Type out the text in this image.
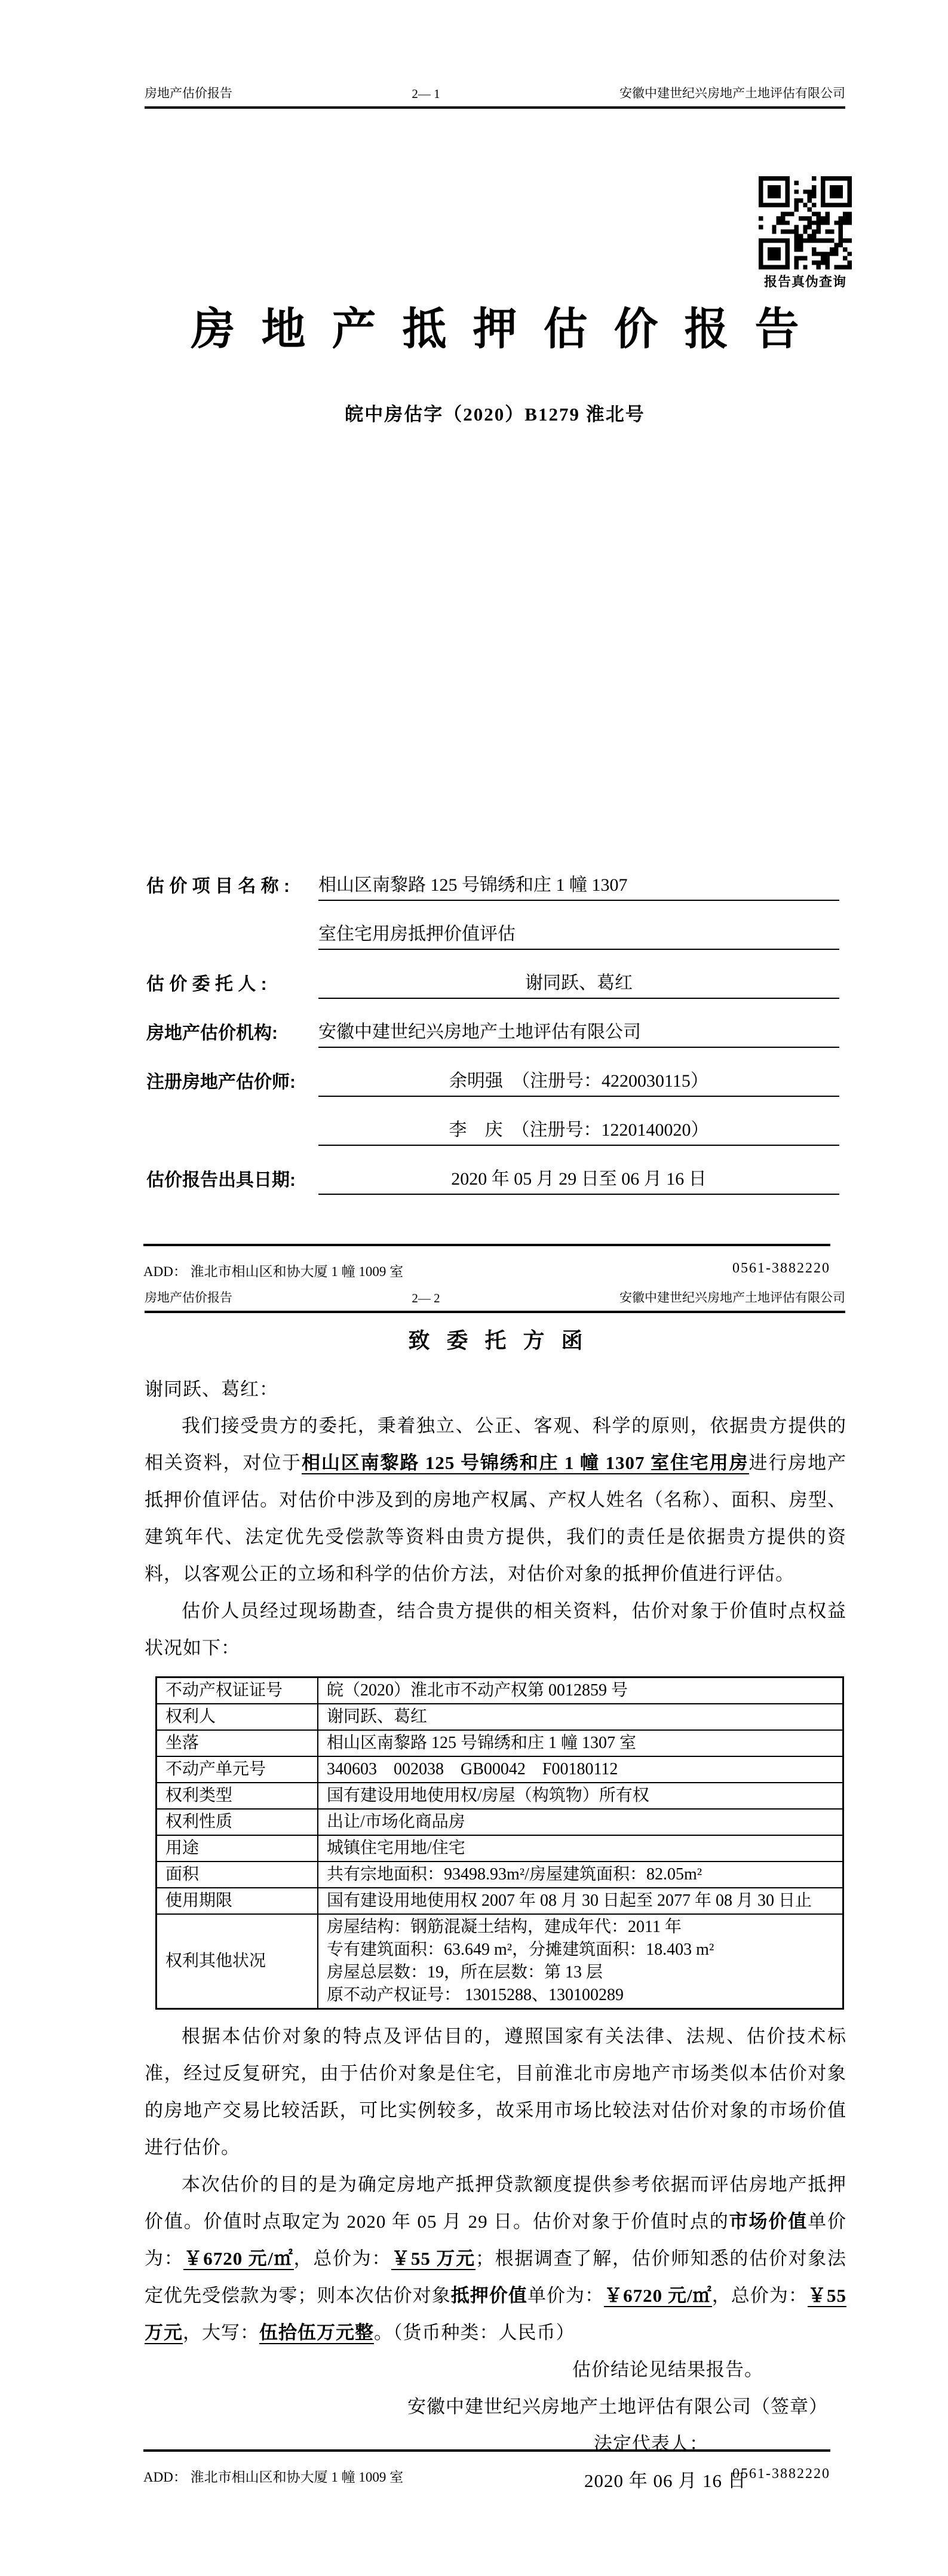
房地产估价报告	2— 1	安徽中建世纪兴房地产土地评估有限公司
报告真伪查询
房地产抵押估价报告
皖中房估字（2020）B1279 淮北号
估 价 项 目 名 称 :	相山区南黎路 125 号锦绣和庄 1 幢 1307
室住宅用房抵押价值评估
估 价 委 托 人 :	谢同跃、葛红
房地产估价机构:	安徽中建世纪兴房地产土地评估有限公司
注册房地产估价师:	余明强　（注册号：4220030115）
李　庆　（注册号：1220140020）
估价报告出具日期:	2020 年 05 月 29 日至 06 月 16 日
ADD： 淮北市相山区和协大厦 1 幢 1009 室	0561-3882220
房地产估价报告	2— 2	安徽中建世纪兴房地产土地评估有限公司
致委托方函
谢同跃、葛红：
我们接受贵方的委托，秉着独立、公正、客观、科学的原则，依据贵方提供的相关资料，对位于相山区南黎路 125 号锦绣和庄 1 幢 1307 室住宅用房进行房地产抵押价值评估。对估价中涉及到的房地产权属、产权人姓名（名称）、面积、房型、建筑年代、法定优先受偿款等资料由贵方提供，我们的责任是依据贵方提供的资料，以客观公正的立场和科学的估价方法，对估价对象的抵押价值进行评估。
估价人员经过现场勘查，结合贵方提供的相关资料，估价对象于价值时点权益状况如下：
不动产权证证号	皖（2020）淮北市不动产权第 0012859 号
权利人	谢同跃、葛红
坐落	相山区南黎路 125 号锦绣和庄 1 幢 1307 室
不动产单元号	340603　002038　GB00042　F00180112
权利类型	国有建设用地使用权/房屋（构筑物）所有权
权利性质	出让/市场化商品房
用途	城镇住宅用地/住宅
面积	共有宗地面积：93498.93m²/房屋建筑面积：82.05m²
使用期限	国有建设用地使用权 2007 年 08 月 30 日起至 2077 年 08 月 30 日止
权利其他状况	房屋结构：钢筋混凝土结构，建成年代：2011 年
专有建筑面积：63.649 m²，分摊建筑面积：18.403 m²
房屋总层数：19，所在层数：第 13 层
原不动产权证号： 13015288、130100289
根据本估价对象的特点及评估目的，遵照国家有关法律、法规、估价技术标准，经过反复研究，由于估价对象是住宅，目前淮北市房地产市场类似本估价对象的房地产交易比较活跃，可比实例较多，故采用市场比较法对估价对象的市场价值进行估价。
本次估价的目的是为确定房地产抵押贷款额度提供参考依据而评估房地产抵押价值。价值时点取定为 2020 年 05 月 29 日。估价对象于价值时点的市场价值单价为：￥6720 元/㎡，总价为：￥55 万元；根据调查了解，估价师知悉的估价对象法定优先受偿款为零；则本次估价对象抵押价值单价为：￥6720 元/㎡，总价为：￥55 万元，大写：伍拾伍万元整。（货币种类：人民币）
估价结论见结果报告。
安徽中建世纪兴房地产土地评估有限公司（签章）
法定代表人：
2020 年 06 月 16 日
ADD： 淮北市相山区和协大厦 1 幢 1009 室	0561-3882220
